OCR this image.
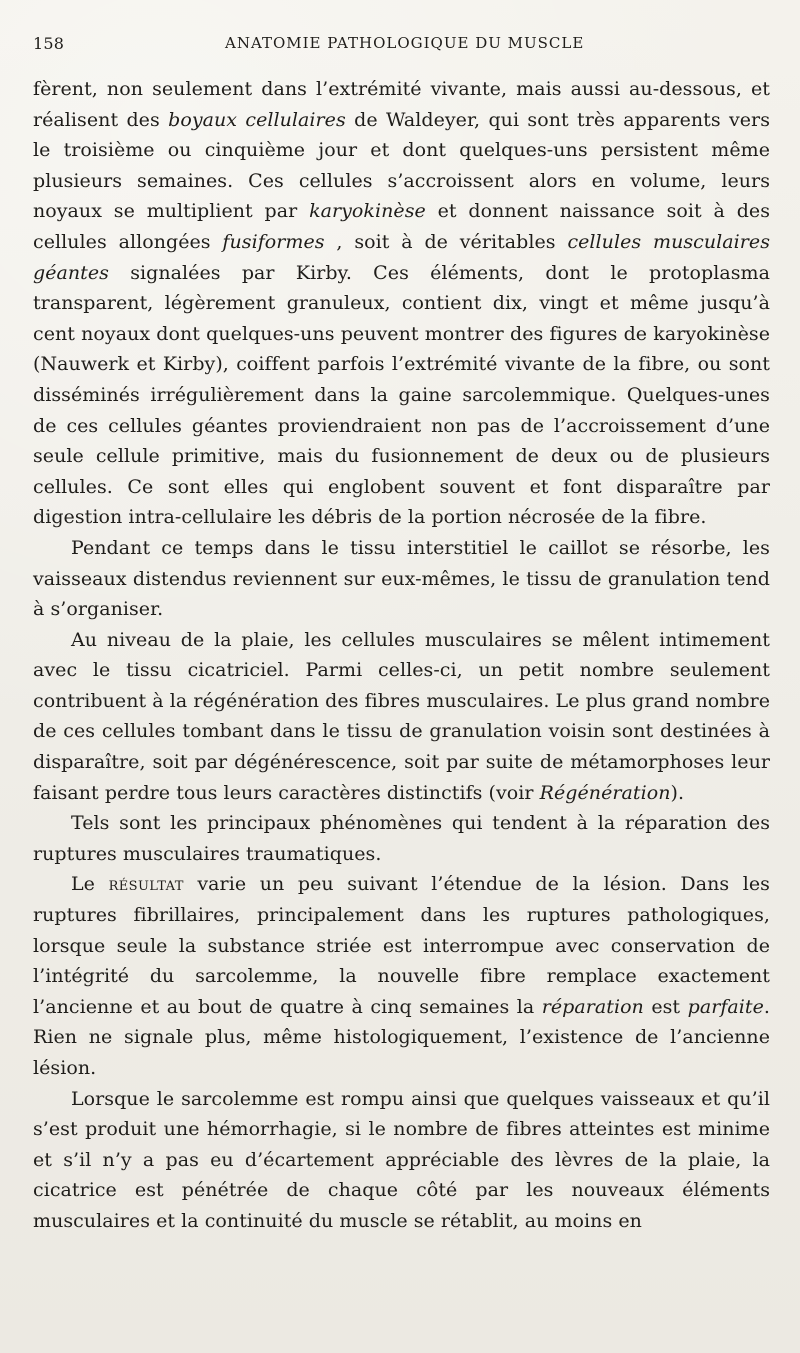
158	ANATOMIE PATHOLOGIQUE DU MUSCLE

fèrent, non seulement dans l’extrémité vivante, mais aussi au-dessous, et réalisent des boyaux cellulaires de Waldeyer, qui sont très apparents vers le troisième ou cinquième jour et dont quelques-uns persistent même plusieurs semaines. Ces cellules s’accroissent alors en volume, leurs noyaux se multiplient par karyokinèse et donnent naissance soit à des cellules allongées fusiformes , soit à de véritables cellules musculaires géantes signalées par Kirby. Ces éléments, dont le protoplasma transparent, légèrement granuleux, contient dix, vingt et même jusqu’à cent noyaux dont quelques-uns peuvent montrer des figures de karyokinèse (Nauwerk et Kirby), coiffent parfois l’extrémité vivante de la fibre, ou sont disséminés irrégulièrement dans la gaine sarcolemmique. Quelques-unes de ces cellules géantes proviendraient non pas de l’accroissement d’une seule cellule primitive, mais du fusionnement de deux ou de plusieurs cellules. Ce sont elles qui englobent souvent et font disparaître par digestion intra-cellulaire les débris de la portion nécrosée de la fibre.

Pendant ce temps dans le tissu interstitiel le caillot se résorbe, les vaisseaux distendus reviennent sur eux-mêmes, le tissu de granulation tend à s’organiser.

Au niveau de la plaie, les cellules musculaires se mêlent intimement avec le tissu cicatriciel. Parmi celles-ci, un petit nombre seulement contribuent à la régénération des fibres musculaires. Le plus grand nombre de ces cellules tombant dans le tissu de granulation voisin sont destinées à disparaître, soit par dégénérescence, soit par suite de métamorphoses leur faisant perdre tous leurs caractères distinctifs (voir Régénération).

Tels sont les principaux phénomènes qui tendent à la réparation des ruptures musculaires traumatiques.

Le résultat varie un peu suivant l’étendue de la lésion. Dans les ruptures fibrillaires, principalement dans les ruptures pathologiques, lorsque seule la substance striée est interrompue avec conservation de l’intégrité du sarcolemme, la nouvelle fibre remplace exactement l’ancienne et au bout de quatre à cinq semaines la réparation est parfaite. Rien ne signale plus, même histologiquement, l’existence de l’ancienne lésion.

Lorsque le sarcolemme est rompu ainsi que quelques vaisseaux et qu’il s’est produit une hémorrhagie, si le nombre de fibres atteintes est minime et s’il n’y a pas eu d’écartement appréciable des lèvres de la plaie, la cicatrice est pénétrée de chaque côté par les nouveaux éléments musculaires et la continuité du muscle se rétablit, au moins en
